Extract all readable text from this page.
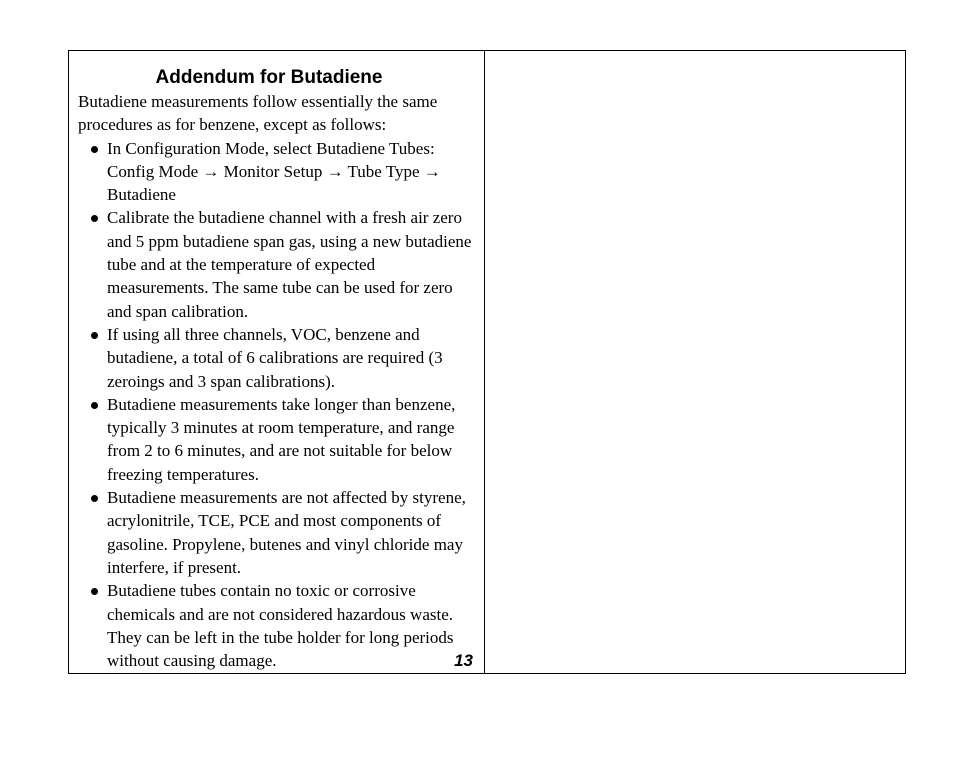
Addendum for Butadiene

Butadiene measurements follow essentially the same procedures as for benzene, except as follows:

In Configuration Mode, select Butadiene Tubes: Config Mode → Monitor Setup → Tube Type → Butadiene
Calibrate the butadiene channel with a fresh air zero and 5 ppm butadiene span gas, using a new butadiene tube and at the temperature of expected measurements. The same tube can be used for zero and span calibration.
If using all three channels, VOC, benzene and butadiene, a total of 6 calibrations are required (3 zeroings and 3 span calibrations).
Butadiene measurements take longer than benzene, typically 3 minutes at room temperature, and range from 2 to 6 minutes, and are not suitable for below freezing temperatures.
Butadiene measurements are not affected by styrene, acrylonitrile, TCE, PCE and most components of gasoline. Propylene, butenes and vinyl chloride may interfere, if present.
Butadiene tubes contain no toxic or corrosive chemicals and are not considered hazardous waste. They can be left in the tube holder for long periods without causing damage.	13
